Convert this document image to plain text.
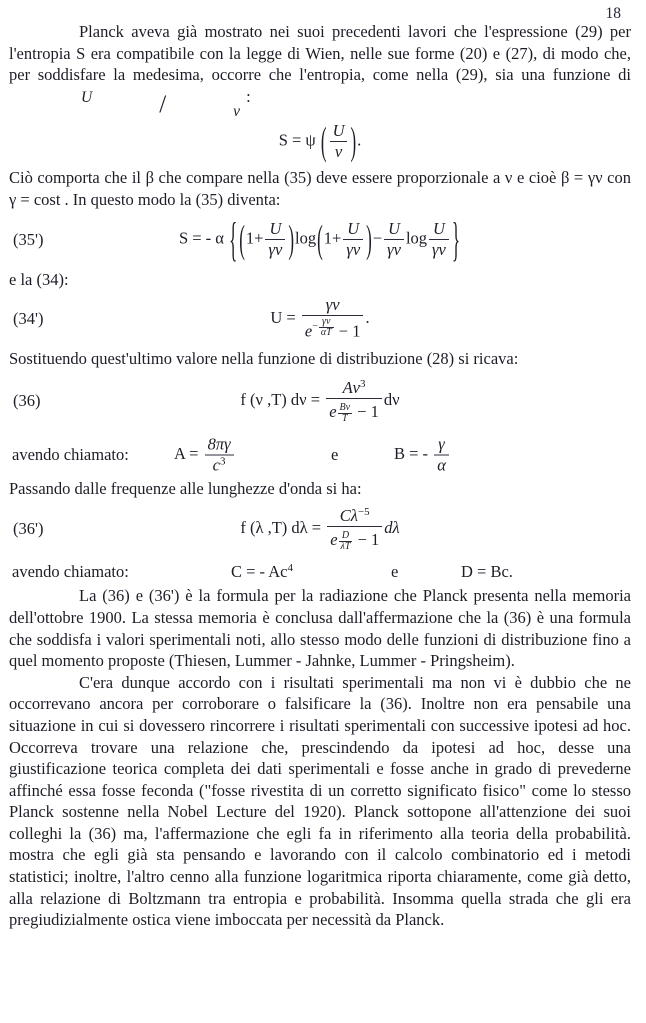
18

Planck aveva già mostrato nei suoi precedenti lavori che l'espressione (29) per l'entropia S era compatibile con la legge di Wien, nelle sue forme (20) e (27), di modo che, per soddisfare la medesima, occorre che l'entropia, come nella (29), sia una funzione di
U	/	ν
:

S = ψ ( $\frac{U}{\nu}$ ).

Ciò comporta che il β che compare nella (35) deve essere proporzionale a ν e cioè β = γν con γ = cost . In questo modo la (35) diventa:

(35')	S = - α { $(1+ \frac{U}{\gamma\nu} )\log(1+ \frac{U}{\gamma\nu}$ )− $\frac{U}{\gamma\nu}$ $\log \frac{U}{\gamma\nu}$ }

e la (34):

(34')	$U = \frac{\gamma\nu}{e - \frac{\gamma\nu}{\alpha T} - 1}$ .

Sostituendo quest'ultimo valore nella funzione di distribuzione (28) si ricava:

(36)	f (ν ,T) $d\nu = \frac{A\nu^3}{e \frac{B\nu}{T} - 1}$ dν
avendo chiamato:	$A = \frac{8\pi\gamma}{c^3}$	e	B = - $\frac{\gamma}{\alpha}$

Passando dalle frequenze alle lunghezze d'onda si ha:

(36')	f (λ ,T) $d\lambda = \frac{C\lambda^{-5}}{e \frac{D}{\lambda T} - 1}$ dλ
avendo chiamato:	C = - Ac$^4$	e	D = Bc.

La (36) e (36') è la formula per la radiazione che Planck presenta nella memoria dell'ottobre 1900. La stessa memoria è conclusa dall'affermazione che la (36) è una formula che soddisfa i valori sperimentali noti, allo stesso modo delle funzioni di distribuzione fino a quel momento proposte (Thiesen, Lummer - Jahnke, Lummer - Pringsheim).

C'era dunque accordo con i risultati sperimentali ma non vi è dubbio che ne occorrevano ancora per corroborare o falsificare la (36). Inoltre non era pensabile una situazione in cui si dovessero rincorrere i risultati sperimentali con successive ipotesi ad hoc. Occorreva trovare una relazione che, prescindendo da ipotesi ad hoc, desse una giustificazione teorica completa dei dati sperimentali e fosse anche in grado di prevederne affinché essa fosse feconda ("fosse rivestita di un corretto significato fisico" come lo stesso Planck sostenne nella Nobel Lecture del 1920). Planck sottopone all'attenzione dei suoi colleghi la (36) ma, l'affermazione che egli fa in riferimento alla teoria della probabilità. mostra che egli già sta pensando e lavorando con il calcolo combinatorio ed i metodi statistici; inoltre, l'altro cenno alla funzione logaritmica riporta chiaramente, come già detto, alla relazione di Boltzmann tra entropia e probabilità. Insomma quella strada che gli era pregiudizialmente ostica viene imboccata per necessità da Planck.
